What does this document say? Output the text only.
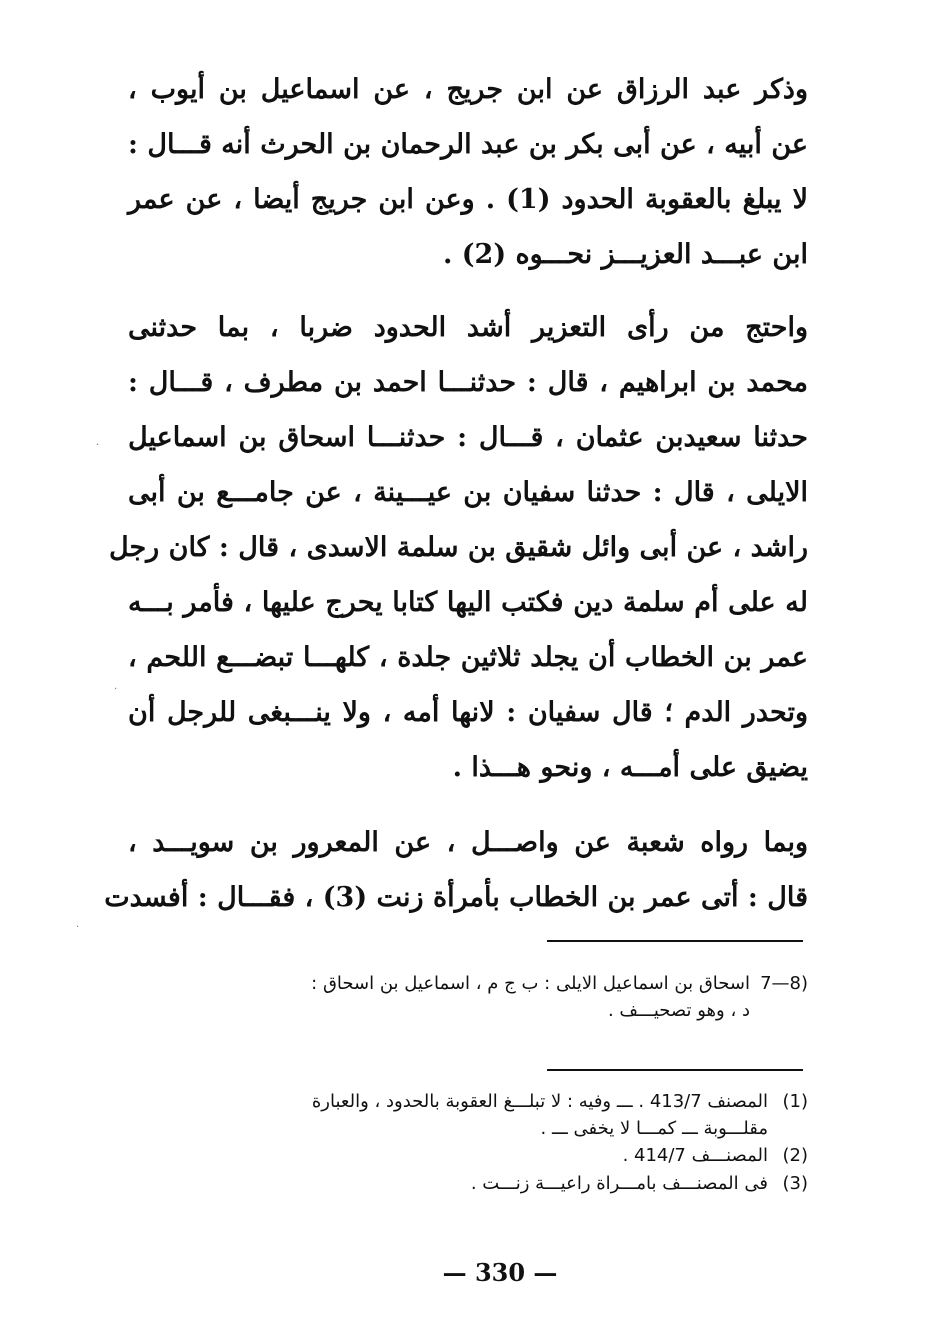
وذكر عبد الرزاق عن ابن جريج ، عن اسماعيل بن أيوب ،
عن أبيه ، عن أبى بكر بن عبد الرحمان بن الحرث أنه قـــال :
لا يبلغ بالعقوبة الحدود (1) . وعن ابن جريج أيضا ، عن عمر
ابن عبـــد العزيـــز نحـــوه (2) .
واحتج من رأى التعزير أشد الحدود ضربا ، بما حدثنى
محمد بن ابراهيم ، قال : حدثنـــا احمد بن مطرف ، قـــال :
حدثنا سعيدبن عثمان ، قـــال : حدثنـــا اسحاق بن اسماعيل
الايلى ، قال : حدثنا سفيان بن عيـــينة ، عن جامـــع بن أبى
راشد ، عن أبى وائل شقيق بن سلمة الاسدى ، قال : كان رجل
له على أم سلمة دين فكتب اليها كتابا يحرج عليها ، فأمر بـــه
عمر بن الخطاب أن يجلد ثلاثين جلدة ، كلهـــا تبضـــع اللحم ،
وتحدر الدم ؛ قال سفيان : لانها أمه ، ولا ينـــبغى للرجل أن
يضيق على أمـــه ، ونحو هـــذا .
وبما رواه شعبة عن واصـــل ، عن المعرور بن سويـــد ،
قال : أتى عمر بن الخطاب بأمرأة زنت (3) ، فقـــال : أفسدت
7—8)
اسحاق بن اسماعيل الايلى : ب ج م ، اسماعيل بن اسحاق :
د ، وهو تصحيـــف .
(1)
المصنف 413/7 . ـــ وفيه : لا تبلـــغ العقوبة بالحدود ، والعبارة
مقلـــوبة ـــ كمـــا لا يخفى ـــ .
(2)
المصنـــف 414/7 .
(3)
فى المصنـــف بامـــراة راعيـــة زنـــت .
— 330 —
·
·
·
